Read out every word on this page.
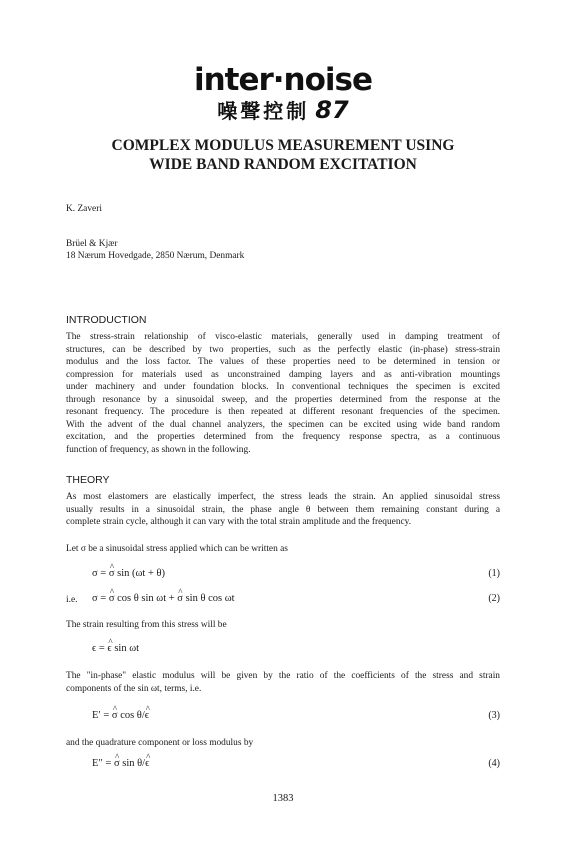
inter·noise
噪聲控制 87
COMPLEX MODULUS MEASUREMENT USING
WIDE BAND RANDOM EXCITATION
K. Zaveri
Brüel & Kjær
18 Nærum Hovedgade, 2850 Nærum, Denmark
INTRODUCTION
The stress-strain relationship of visco-elastic materials, generally used in damping treatment of
structures, can be described by two properties, such as the perfectly elastic (in-phase) stress-strain
modulus and the loss factor. The values of these properties need to be determined in tension or
compression for materials used as unconstrained damping layers and as anti-vibration mountings
under machinery and under foundation blocks. In conventional techniques the specimen is excited
through resonance by a sinusoidal sweep, and the properties determined from the response at the
resonant frequency. The procedure is then repeated at different resonant frequencies of the specimen.
With the advent of the dual channel analyzers, the specimen can be excited using wide band random
excitation, and the properties determined from the frequency response spectra, as a continuous
function of frequency, as shown in the following.
THEORY
As most elastomers are elastically imperfect, the stress leads the strain. An applied sinusoidal stress
usually results in a sinusoidal strain, the phase angle θ between them remaining constant during a
complete strain cycle, although it can vary with the total strain amplitude and the frequency.
Let σ be a sinusoidal stress applied which can be written as
σ = ^ σ sin (ωt + θ)	(1)
i.e. σ = ^ σ cos θ sin ωt + ^ σ sin θ cos ωt	(2)
The strain resulting from this stress will be
ϵ = ^ ϵ sin ωt
The "in-phase" elastic modulus will be given by the ratio of the coefficients of the stress and strain
components of the sin ωt, terms, i.e.
E′ = ^ σ cos θ/^ ϵ	(3)
and the quadrature component or loss modulus by
E″ = ^ σ sin θ/^ ϵ	(4)
1383
